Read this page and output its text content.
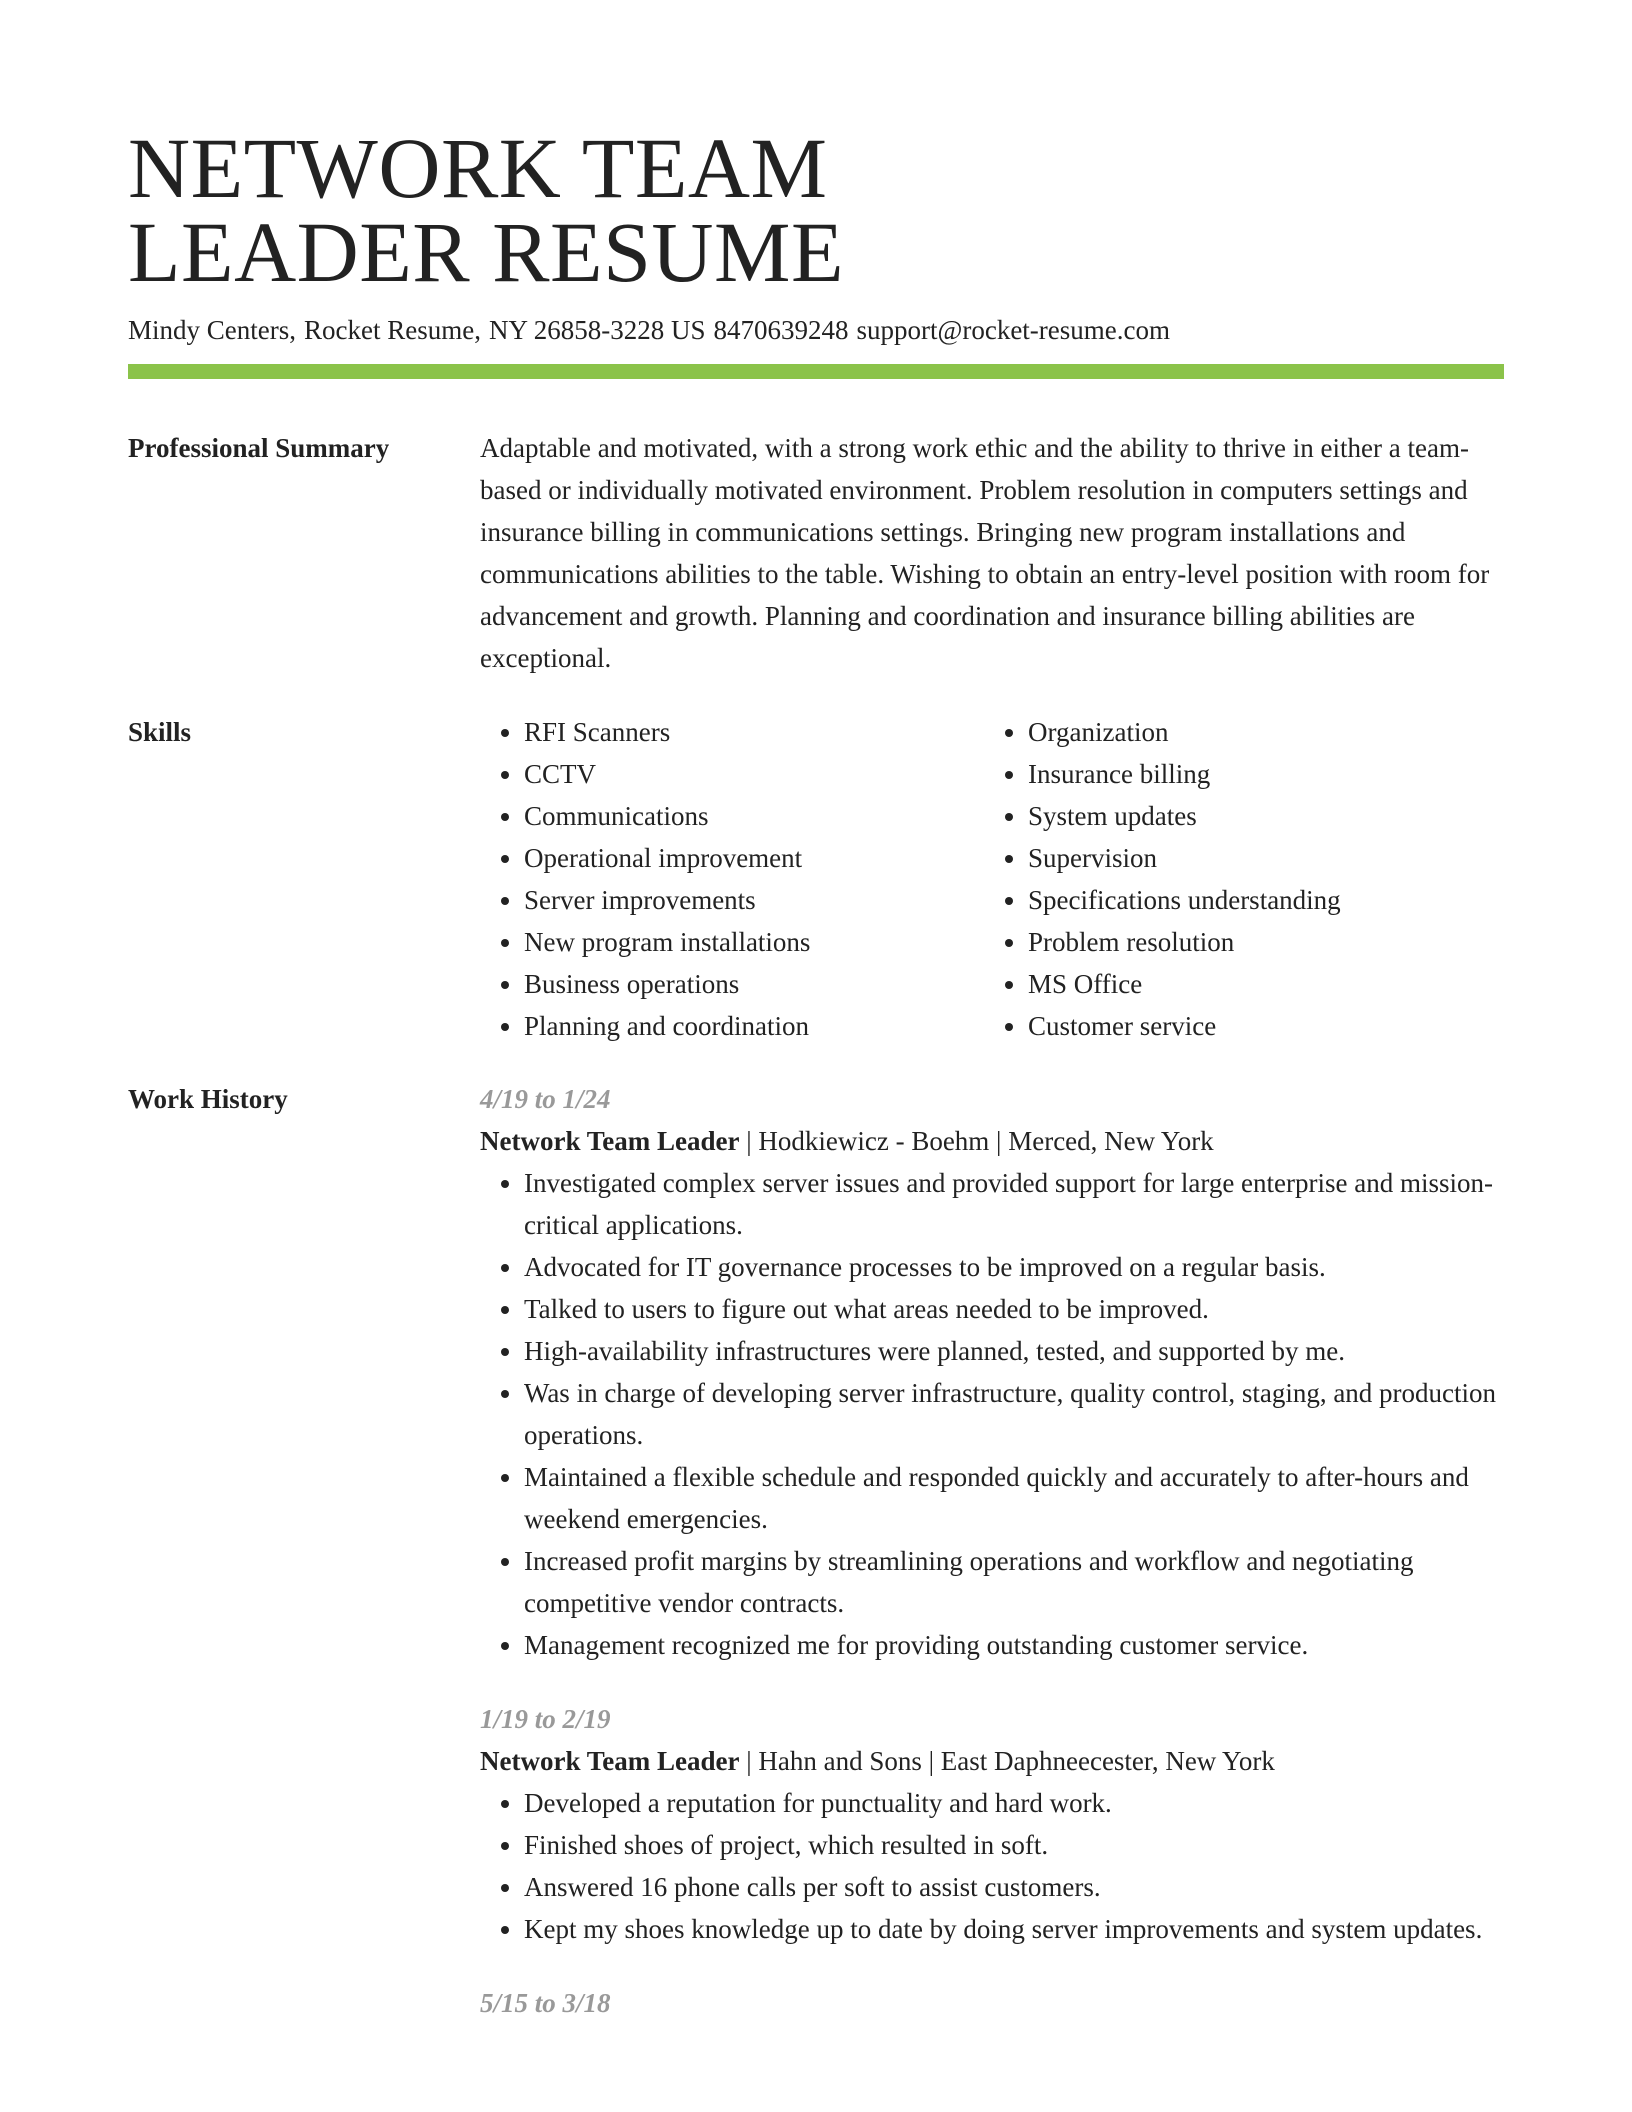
NETWORK TEAM
LEADER RESUME
Mindy Centers, Rocket Resume, NY 26858-3228 US 8470639248 support@rocket-resume.com
Professional Summary	Adaptable and motivated, with a strong work ethic and the ability to thrive in either a team-based or individually motivated environment. Problem resolution in computers settings and insurance billing in communications settings. Bringing new program installations and communications abilities to the table. Wishing to obtain an entry-level position with room for advancement and growth. Planning and coordination and insurance billing abilities are exceptional.
Skills
•	RFI Scanners
• CCTV
• Communications
• Operational improvement
• Server improvements
• New program installations
• Business operations
• Planning and coordination
• Organization
• Insurance billing
• System updates
• Supervision
• Specifications understanding
• Problem resolution
• MS Office
• Customer service
Work History	4/19 to 1/24
Network Team Leader | Hodkiewicz - Boehm | Merced, New York
• Investigated complex server issues and provided support for large enterprise and mission-critical applications.
• Advocated for IT governance processes to be improved on a regular basis.
• Talked to users to figure out what areas needed to be improved.
• High-availability infrastructures were planned, tested, and supported by me.
• Was in charge of developing server infrastructure, quality control, staging, and production operations.
• Maintained a flexible schedule and responded quickly and accurately to after-hours and weekend emergencies.
• Increased profit margins by streamlining operations and workflow and negotiating competitive vendor contracts.
• Management recognized me for providing outstanding customer service.
1/19 to 2/19
Network Team Leader | Hahn and Sons | East Daphneecester, New York
• Developed a reputation for punctuality and hard work.
• Finished shoes of project, which resulted in soft.
• Answered 16 phone calls per soft to assist customers.
• Kept my shoes knowledge up to date by doing server improvements and system updates.
5/15 to 3/18
